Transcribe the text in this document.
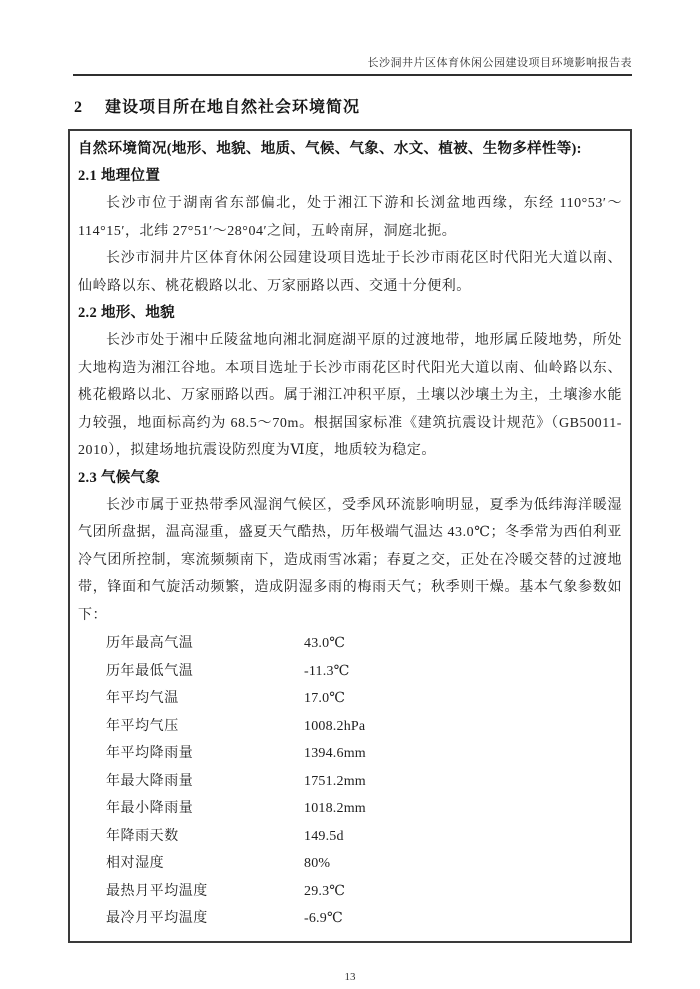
长沙洞井片区体育休闲公园建设项目环境影响报告表
2 建设项目所在地自然社会环境简况
自然环境简况(地形、地貌、地质、气候、气象、水文、植被、生物多样性等):
2.1 地理位置

长沙市位于湖南省东部偏北，处于湘江下游和长浏盆地西缘，东经 110°53′～114°15′，北纬 27°51′～28°04′之间，五岭南屏，洞庭北扼。

长沙市洞井片区体育休闲公园建设项目选址于长沙市雨花区时代阳光大道以南、仙岭路以东、桃花椴路以北、万家丽路以西、交通十分便利。

2.2 地形、地貌

长沙市处于湘中丘陵盆地向湘北洞庭湖平原的过渡地带，地形属丘陵地势，所处大地构造为湘江谷地。本项目选址于长沙市雨花区时代阳光大道以南、仙岭路以东、桃花椴路以北、万家丽路以西。属于湘江冲积平原，土壤以沙壤土为主，土壤渗水能力较强，地面标高约为 68.5～70m。根据国家标准《建筑抗震设计规范》（GB50011-2010），拟建场地抗震设防烈度为Ⅵ度，地质较为稳定。

2.3 气候气象

长沙市属于亚热带季风湿润气候区，受季风环流影响明显，夏季为低纬海洋暖湿气团所盘据，温高湿重，盛夏天气酷热，历年极端气温达 43.0℃；冬季常为西伯利亚冷气团所控制，寒流频频南下，造成雨雪冰霜；春夏之交，正处在冷暖交替的过渡地带，锋面和气旋活动频繁，造成阴湿多雨的梅雨天气；秋季则干燥。基本气象参数如下：

历年最高气温	43.0℃
历年最低气温	-11.3℃
年平均气温	17.0℃
年平均气压	1008.2hPa
年平均降雨量	1394.6mm
年最大降雨量	1751.2mm
年最小降雨量	1018.2mm
年降雨天数	149.5d
相对湿度	80%
最热月平均温度	29.3℃
最冷月平均温度	-6.9℃
13
